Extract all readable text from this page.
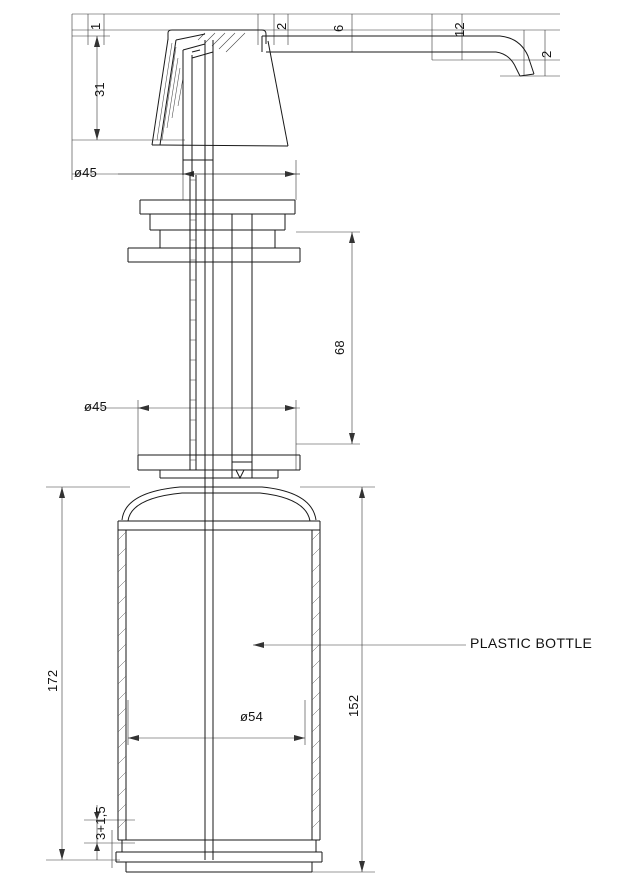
1	2	6	12
2
31
ø45
68
ø45
172
152
ø54
3+1,5
PLASTIC BOTTLE
